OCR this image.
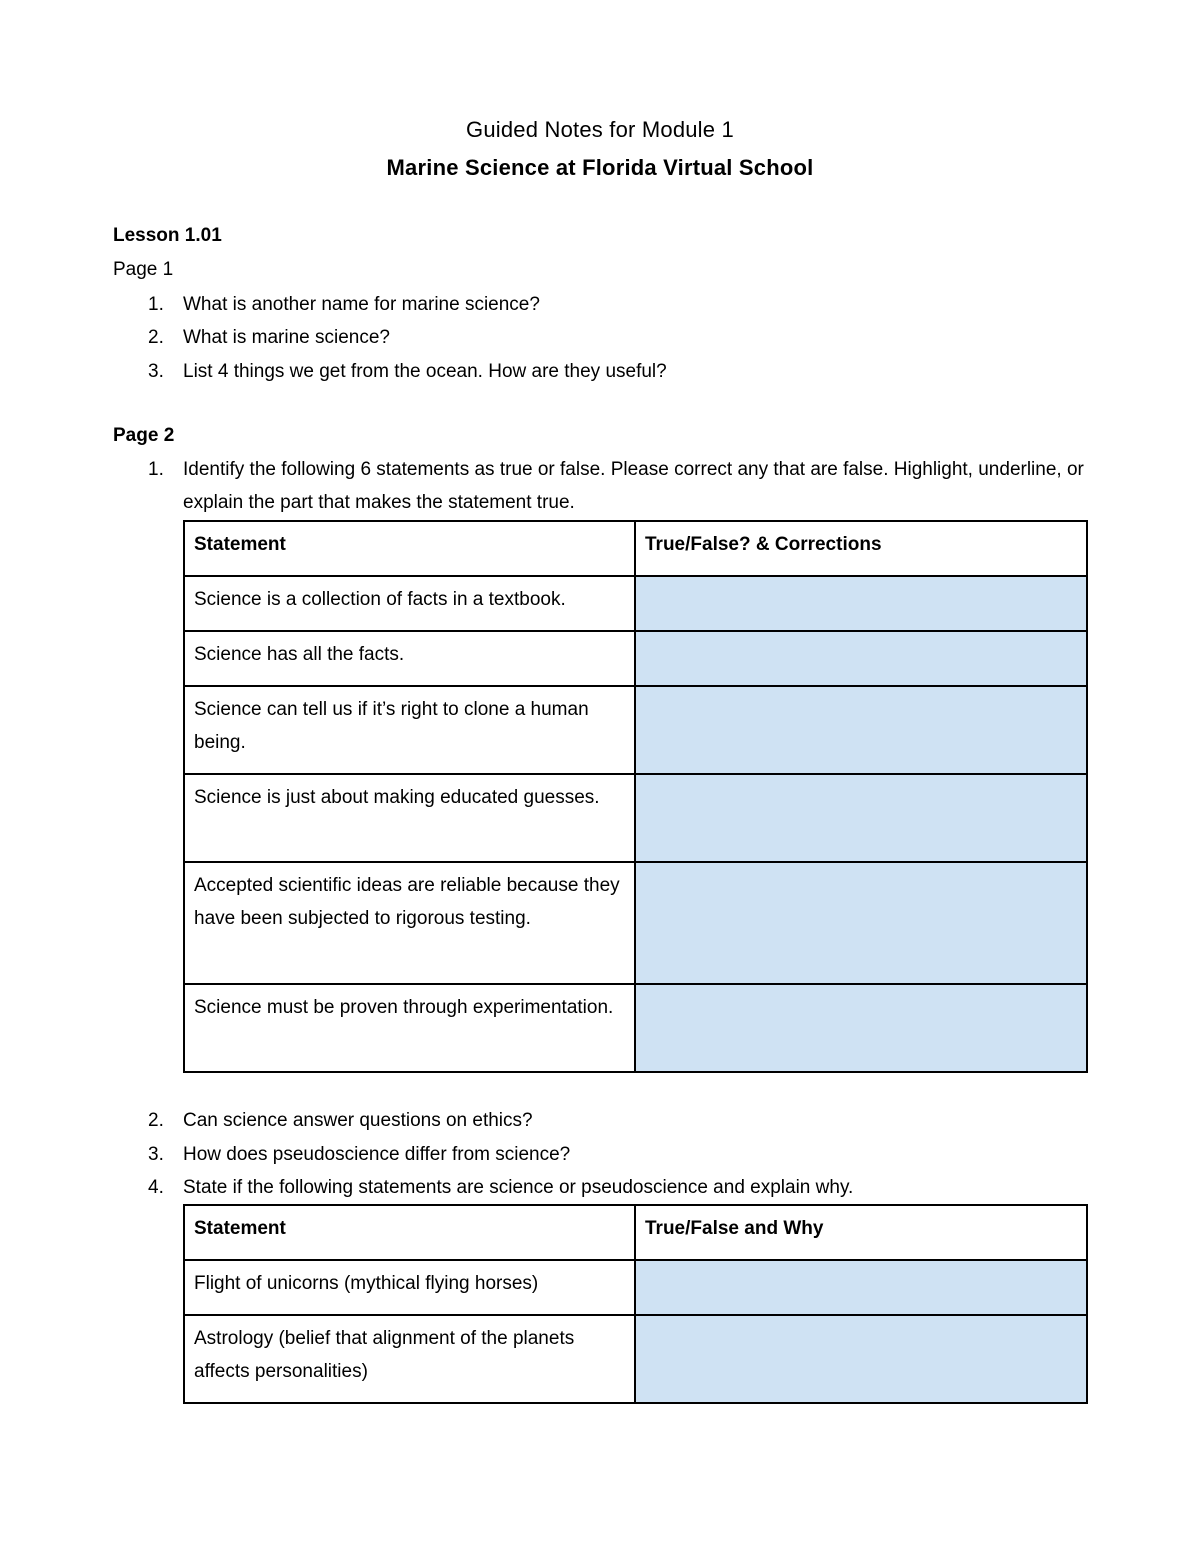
Guided Notes for Module 1
Marine Science at Florida Virtual School
Lesson 1.01
Page 1
1. What is another name for marine science?
2. What is marine science?
3. List 4 things we get from the ocean. How are they useful?
Page 2
1. Identify the following 6 statements as true or false. Please correct any that are false. Highlight, underline, or explain the part that makes the statement true.
Statement	True/False? & Corrections
Science is a collection of facts in a textbook.	
Science has all the facts.	
Science can tell us if it’s right to clone a human being.	
Science is just about making educated guesses.	
Accepted scientific ideas are reliable because they have been subjected to rigorous testing.	
Science must be proven through experimentation.	
2. Can science answer questions on ethics?
3. How does pseudoscience differ from science?
4. State if the following statements are science or pseudoscience and explain why.
Statement	True/False and Why
Flight of unicorns (mythical flying horses)	
Astrology (belief that alignment of the planets affects personalities)	
